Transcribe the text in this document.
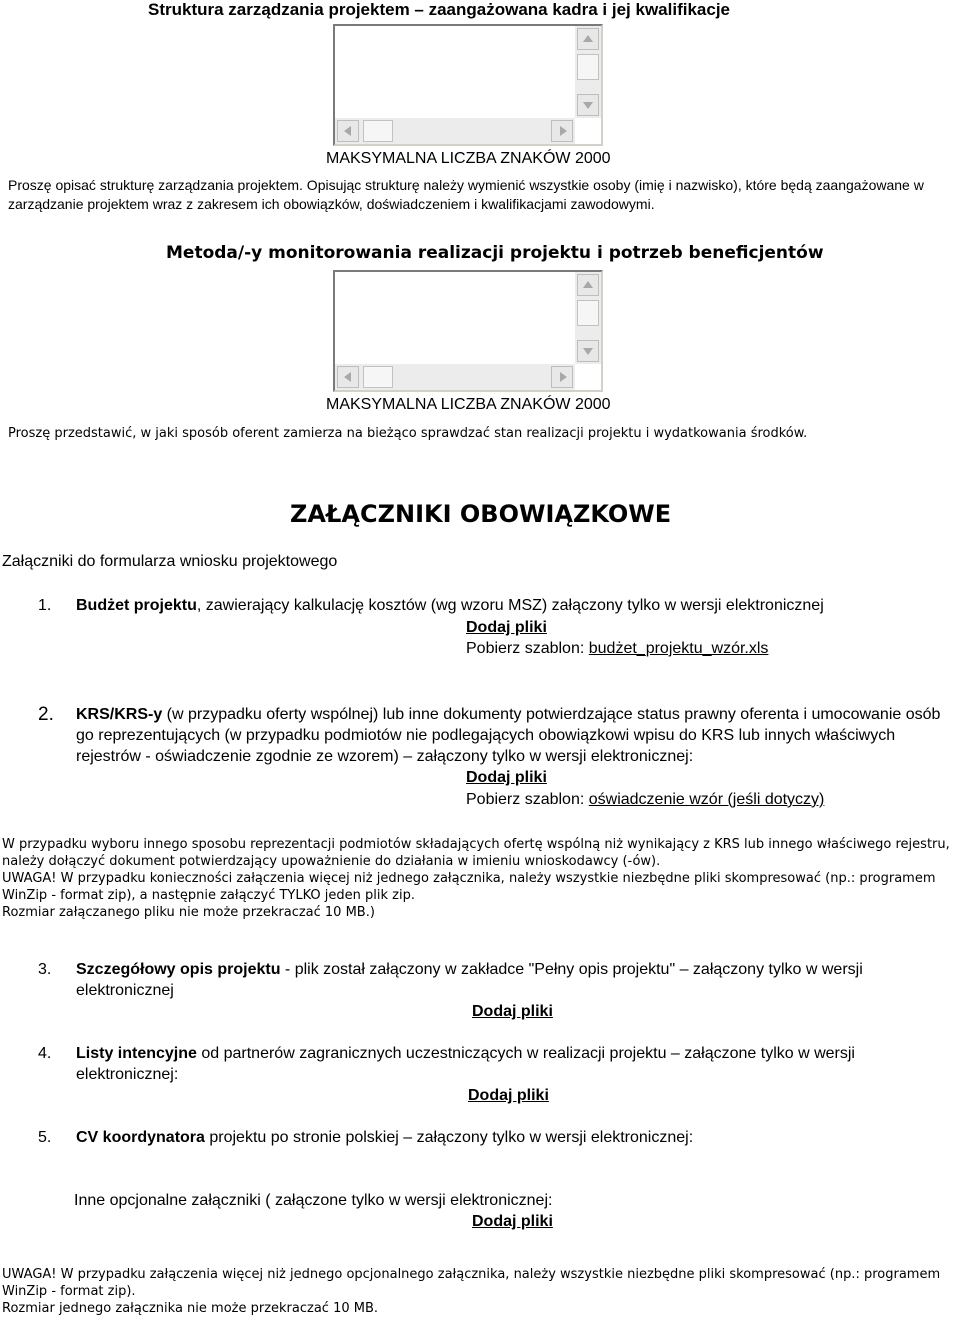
Struktura zarządzania projektem – zaangażowana kadra i jej kwalifikacje
MAKSYMALNA LICZBA ZNAKÓW 2000
Proszę opisać strukturę zarządzania projektem. Opisując strukturę należy wymienić wszystkie osoby (imię i nazwisko), które będą zaangażowane w zarządzanie projektem wraz z zakresem ich obowiązków, doświadczeniem i kwalifikacjami zawodowymi.
Metoda/-y monitorowania realizacji projektu i potrzeb beneficjentów
MAKSYMALNA LICZBA ZNAKÓW 2000
Proszę przedstawić, w jaki sposób oferent zamierza na bieżąco sprawdzać stan realizacji projektu i wydatkowania środków.
ZAŁĄCZNIKI OBOWIĄZKOWE
Załączniki do formularza wniosku projektowego
1.	Budżet projektu, zawierający kalkulację kosztów (wg wzoru MSZ) załączony tylko w wersji elektronicznej
Dodaj pliki
Pobierz szablon: budżet_projektu_wzór.xls
2.	KRS/KRS-y (w przypadku oferty wspólnej) lub inne dokumenty potwierdzające status prawny oferenta i umocowanie osób go reprezentujących (w przypadku podmiotów nie podlegających obowiązkowi wpisu do KRS lub innych właściwych rejestrów - oświadczenie zgodnie ze wzorem) – załączony tylko w wersji elektronicznej:
Dodaj pliki
Pobierz szablon: oświadczenie wzór (jeśli dotyczy)
W przypadku wyboru innego sposobu reprezentacji podmiotów składających ofertę wspólną niż wynikający z KRS lub innego właściwego rejestru, należy dołączyć dokument potwierdzający upoważnienie do działania w imieniu wnioskodawcy (-ów).
UWAGA! W przypadku konieczności załączenia więcej niż jednego załącznika, należy wszystkie niezbędne pliki skompresować (np.: programem WinZip - format zip), a następnie załączyć TYLKO jeden plik zip.
Rozmiar załączanego pliku nie może przekraczać 10 MB.)
3.	Szczegółowy opis projektu - plik został załączony w zakładce "Pełny opis projektu" – załączony tylko w wersji elektronicznej
Dodaj pliki
4.	Listy intencyjne od partnerów zagranicznych uczestniczących w realizacji projektu – załączone tylko w wersji elektronicznej:
Dodaj pliki
5.	CV koordynatora projektu po stronie polskiej – załączony tylko w wersji elektronicznej:
Inne opcjonalne załączniki ( załączone tylko w wersji elektronicznej:
Dodaj pliki
UWAGA! W przypadku załączenia więcej niż jednego opcjonalnego załącznika, należy wszystkie niezbędne pliki skompresować (np.: programem WinZip - format zip).
Rozmiar jednego załącznika nie może przekraczać 10 MB.
